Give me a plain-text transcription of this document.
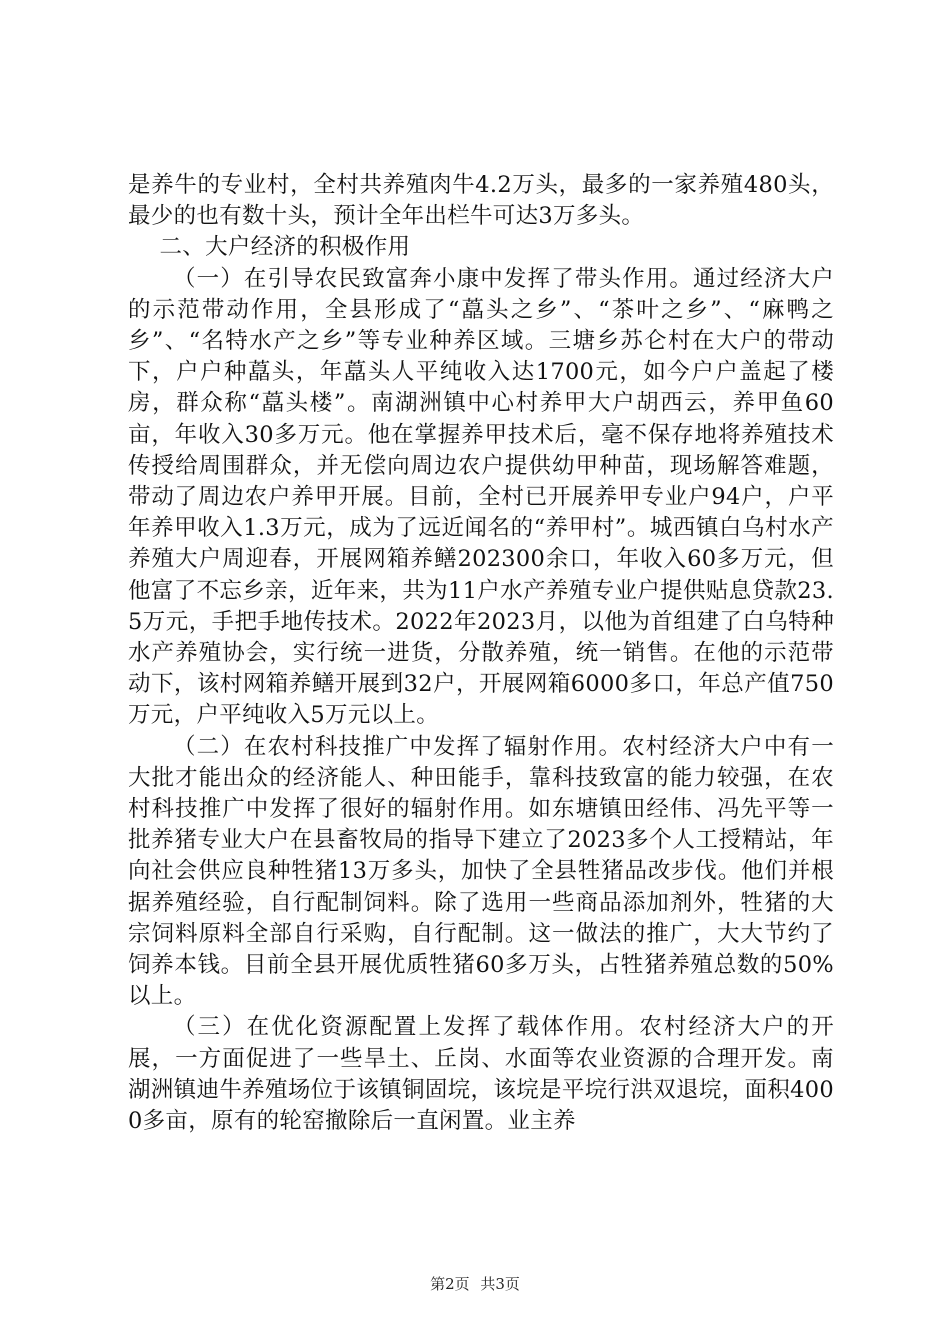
是养牛的专业村，全村共养殖肉牛4.2万头，最多的一家养殖480头，最少的也有数十头，预计全年出栏牛可达3万多头。

二、大户经济的积极作用

（一）在引导农民致富奔小康中发挥了带头作用。通过经济大户的示范带动作用，全县形成了“藠头之乡”、“茶叶之乡”、“麻鸭之乡”、“名特水产之乡”等专业种养区域。三塘乡苏仑村在大户的带动下，户户种藠头，年藠头人平纯收入达1700元，如今户户盖起了楼房，群众称“藠头楼”。南湖洲镇中心村养甲大户胡西云，养甲鱼60亩，年收入30多万元。他在掌握养甲技术后，毫不保存地将养殖技术传授给周围群众，并无偿向周边农户提供幼甲种苗，现场解答难题，带动了周边农户养甲开展。目前，全村已开展养甲专业户94户，户平年养甲收入1.3万元，成为了远近闻名的“养甲村”。城西镇白乌村水产养殖大户周迎春，开展网箱养鳝202300余口，年收入60多万元，但他富了不忘乡亲，近年来，共为11户水产养殖专业户提供贴息贷款23.5万元，手把手地传技术。2022年2023月，以他为首组建了白乌特种水产养殖协会，实行统一进货，分散养殖，统一销售。在他的示范带动下，该村网箱养鳝开展到32户，开展网箱6000多口，年总产值750万元，户平纯收入5万元以上。

（二）在农村科技推广中发挥了辐射作用。农村经济大户中有一大批才能出众的经济能人、种田能手，靠科技致富的能力较强，在农村科技推广中发挥了很好的辐射作用。如东塘镇田经伟、冯先平等一批养猪专业大户在县畜牧局的指导下建立了2023多个人工授精站，年向社会供应良种牲猪13万多头，加快了全县牲猪品改步伐。他们并根据养殖经验，自行配制饲料。除了选用一些商品添加剂外，牲猪的大宗饲料原料全部自行采购，自行配制。这一做法的推广，大大节约了饲养本钱。目前全县开展优质牲猪60多万头，占牲猪养殖总数的50%以上。

（三）在优化资源配置上发挥了载体作用。农村经济大户的开展，一方面促进了一些旱土、丘岗、水面等农业资源的合理开发。南湖洲镇迪牛养殖场位于该镇铜固垸，该垸是平垸行洪双退垸，面积4000多亩，原有的轮窑撤除后一直闲置。业主养

第2页 共3页
